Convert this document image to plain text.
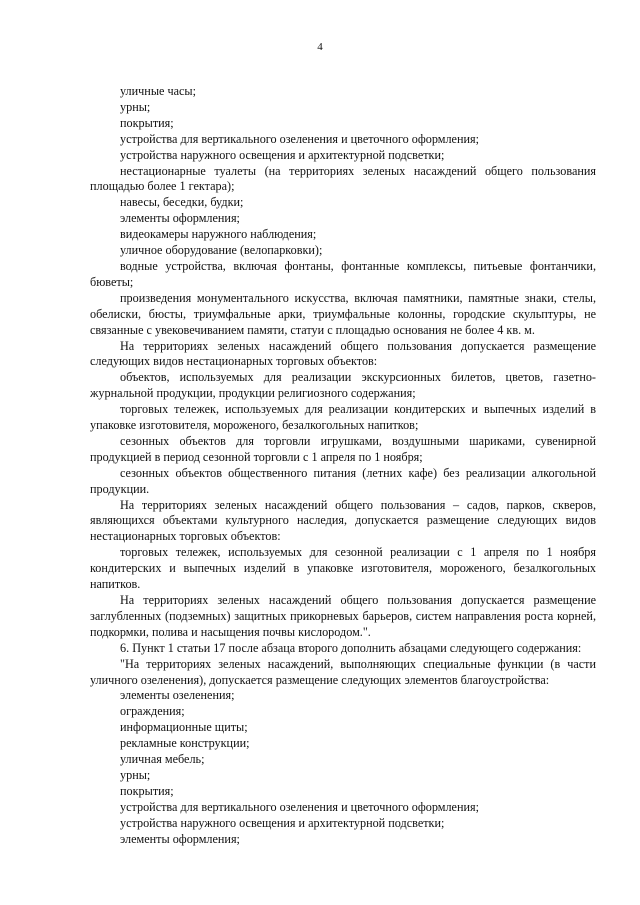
4

уличные часы;

урны;

покрытия;

устройства для вертикального озеленения и цветочного оформления;

устройства наружного освещения и архитектурной подсветки;

нестационарные туалеты (на территориях зеленых насаждений общего пользования площадью более 1 гектара);

навесы, беседки, будки;

элементы оформления;

видеокамеры наружного наблюдения;

уличное оборудование (велопарковки);

водные устройства, включая фонтаны, фонтанные комплексы, питьевые фонтанчики, бюветы;

произведения монументального искусства, включая памятники, памятные знаки, стелы, обелиски, бюсты, триумфальные арки, триумфальные колонны, городские скульптуры, не связанные с увековечиванием памяти, статуи с площадью основания не более 4 кв. м.

На территориях зеленых насаждений общего пользования допускается размещение следующих видов нестационарных торговых объектов:

объектов, используемых для реализации экскурсионных билетов, цветов, газетно-журнальной продукции, продукции религиозного содержания;

торговых тележек, используемых для реализации кондитерских и выпечных изделий в упаковке изготовителя, мороженого, безалкогольных напитков;

сезонных объектов для торговли игрушками, воздушными шариками, сувенирной продукцией в период сезонной торговли с 1 апреля по 1 ноября;

сезонных объектов общественного питания (летних кафе) без реализации алкогольной продукции.

На территориях зеленых насаждений общего пользования – садов, парков, скверов, являющихся объектами культурного наследия, допускается размещение следующих видов нестационарных торговых объектов:

торговых тележек, используемых для сезонной реализации с 1 апреля по 1 ноября кондитерских и выпечных изделий в упаковке изготовителя, мороженого, безалкогольных напитков.

На территориях зеленых насаждений общего пользования допускается размещение заглубленных (подземных) защитных прикорневых барьеров, систем направления роста корней, подкормки, полива и насыщения почвы кислородом.".

6. Пункт 1 статьи 17 после абзаца второго дополнить абзацами следующего содержания:

"На территориях зеленых насаждений, выполняющих специальные функции (в части уличного озеленения), допускается размещение следующих элементов благоустройства:

элементы озеленения;

ограждения;

информационные щиты;

рекламные конструкции;

уличная мебель;

урны;

покрытия;

устройства для вертикального озеленения и цветочного оформления;

устройства наружного освещения и архитектурной подсветки;

элементы оформления;
